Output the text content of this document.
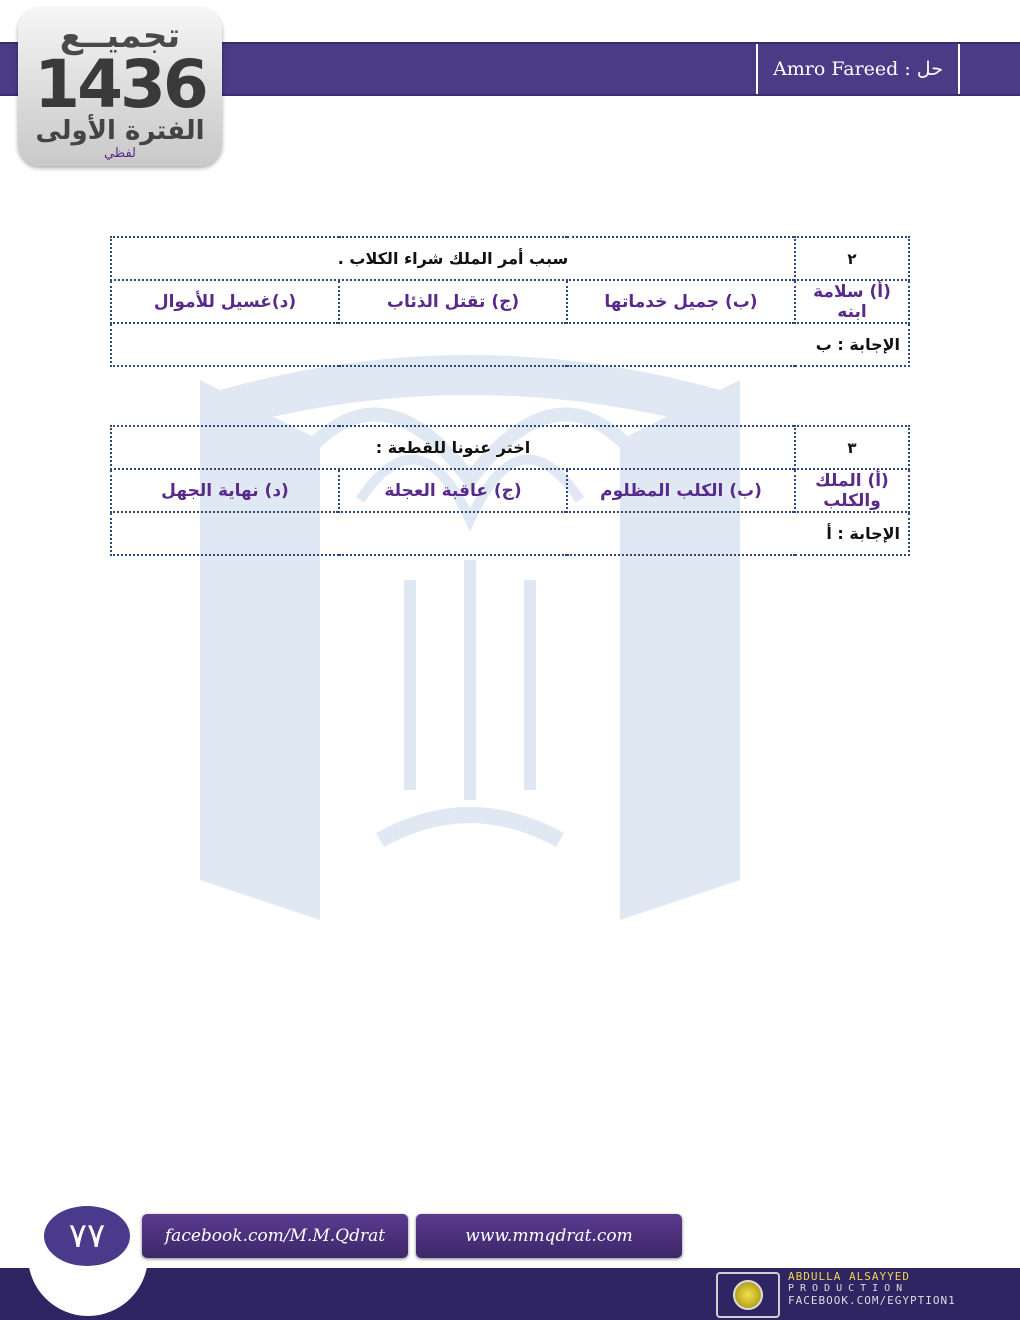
حل : Amro Fareed
تجميــع
1436
الفترة الأولى
لفظي
٢	سبب أمر الملك شراء الكلاب .		
(أ) سلامة ابنه	(ب) جميل خدماتها	(ج) تقتل الذئاب	(د)غسيل للأموال
الإجابة : ب			
٣	اختر عنونا للقطعة :		
(أ) الملك والكلب	(ب) الكلب المظلوم	(ج) عاقبة العجلة	(د) نهاية الجهل
الإجابة : أ			
٧٧	facebook.com/M.M.Qdrat	www.mmqdrat.com
ABDULLA ALSAYYED
PRODUCTION
FACEBOOK.COM/EGYPTION1
